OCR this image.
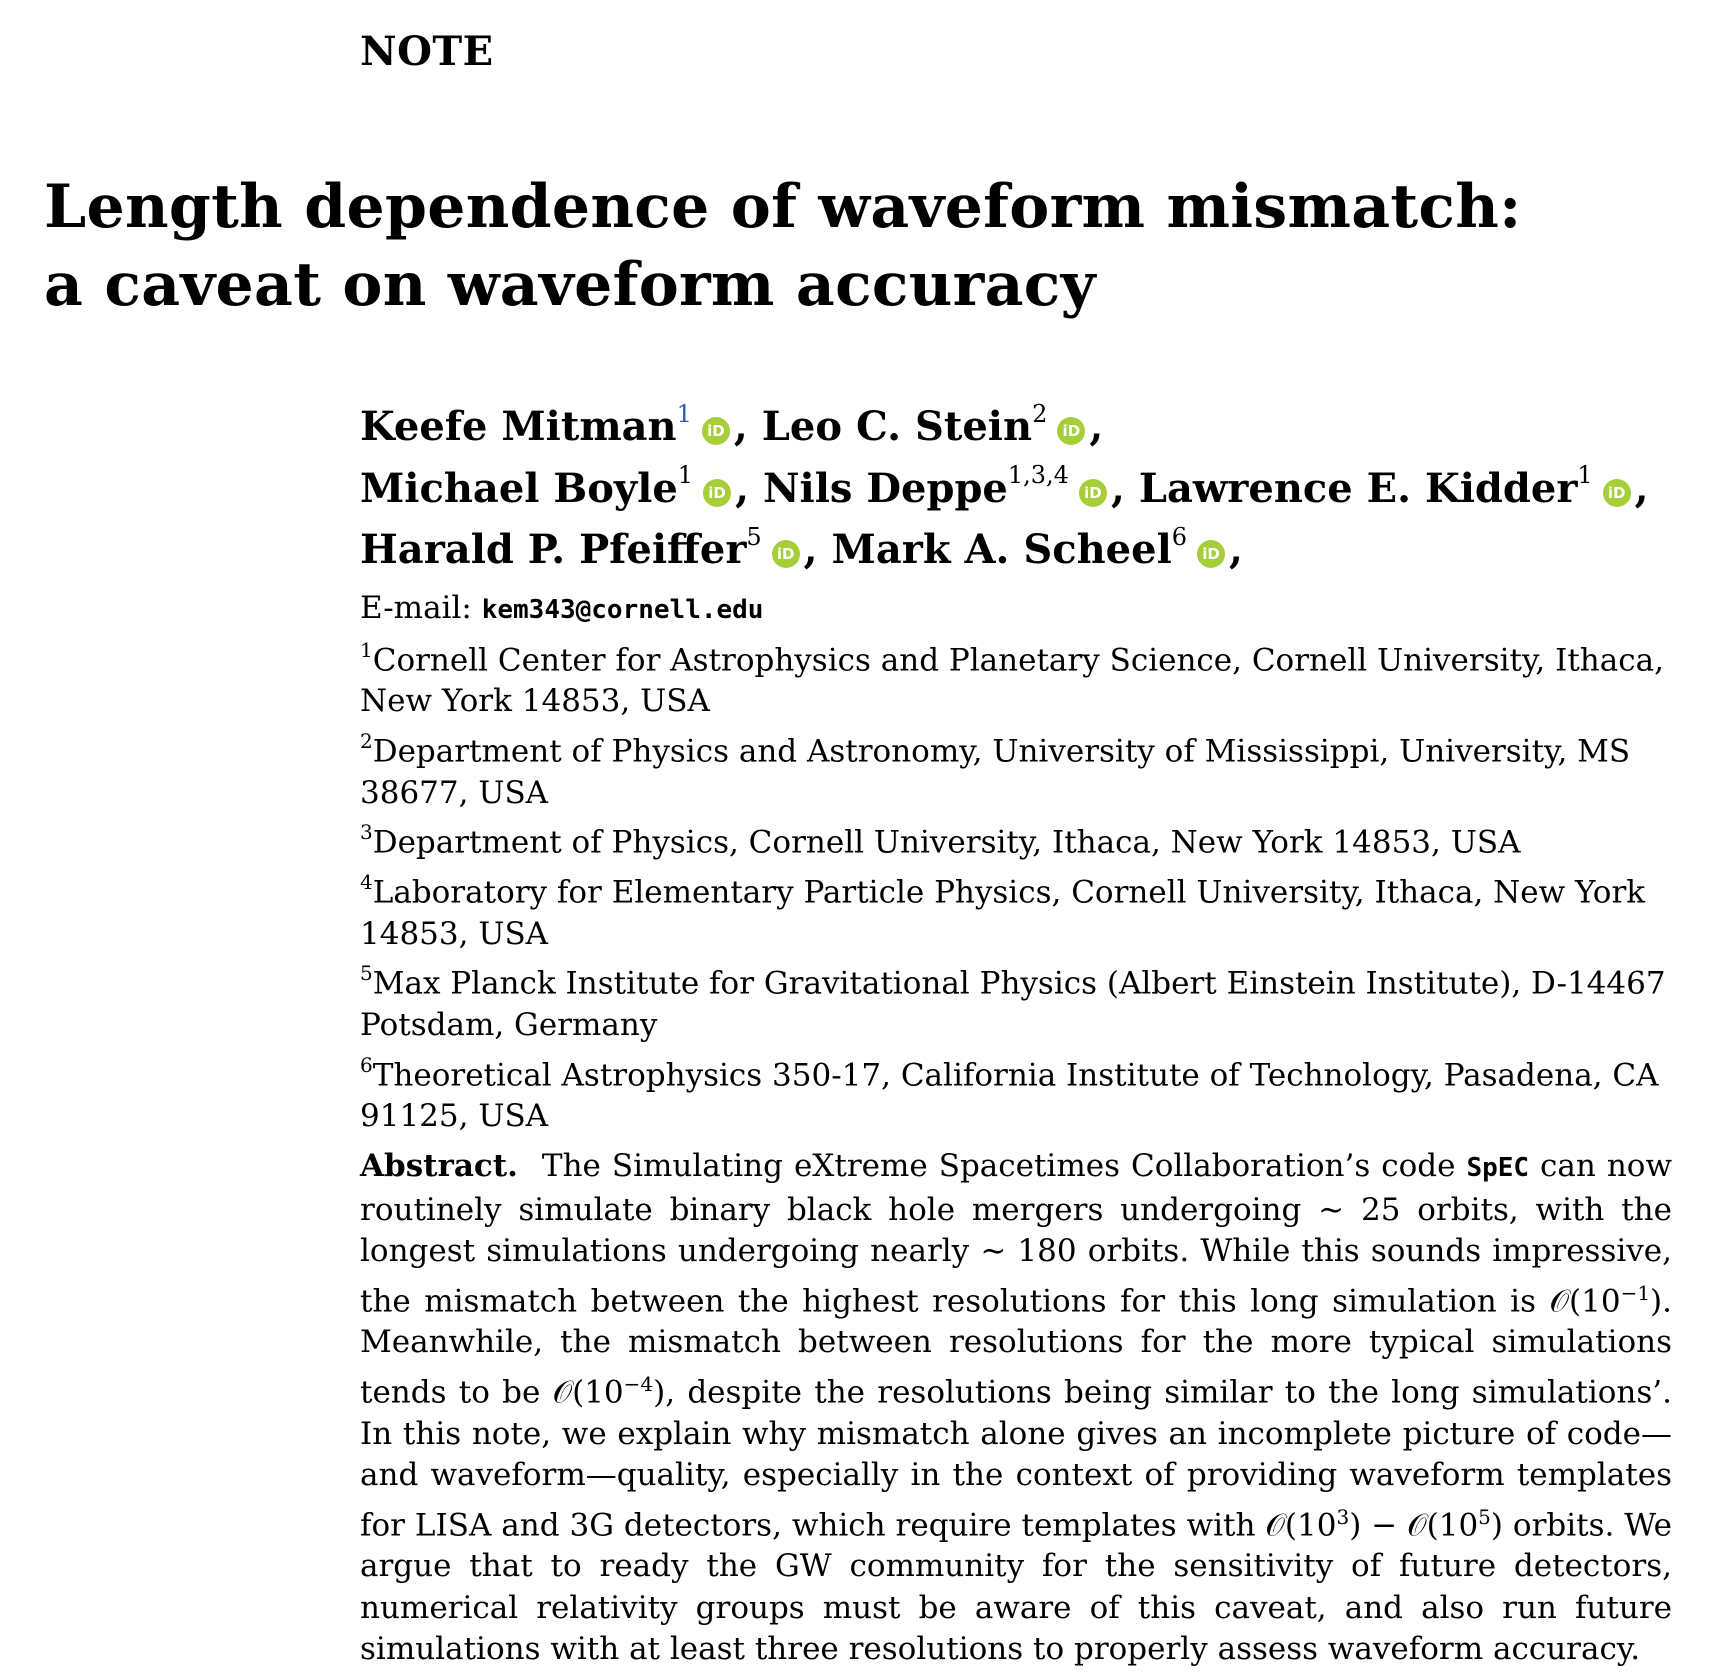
NOTE
Length dependence of waveform mismatch:
a caveat on waveform accuracy
Keefe Mitman$^1$iD , Leo C. Stein$^2$iD ,
Michael Boyle$^1$iD , Nils Deppe$^{1,3,4}$iD , Lawrence E. Kidder$^1$iD ,
Harald P. Pfeiffer$^5$iD , Mark A. Scheel$^6$iD ,
E-mail: kem343@cornell.edu
$^1$Cornell Center for Astrophysics and Planetary Science, Cornell University, Ithaca, New York 14853, USA
$^2$Department of Physics and Astronomy, University of Mississippi, University, MS 38677, USA
$^3$Department of Physics, Cornell University, Ithaca, New York 14853, USA
$^4$Laboratory for Elementary Particle Physics, Cornell University, Ithaca, New York 14853, USA
$^5$Max Planck Institute for Gravitational Physics (Albert Einstein Institute), D-14467 Potsdam, Germany
$^6$Theoretical Astrophysics 350-17, California Institute of Technology, Pasadena, CA 91125, USA
Abstract. The Simulating eXtreme Spacetimes Collaboration’s code SpEC can now routinely simulate binary black hole mergers undergoing ∼ 25 orbits, with the longest simulations undergoing nearly ∼ 180 orbits. While this sounds impressive, the mismatch between the highest resolutions for this long simulation is $𝒪(10^{-1})$. Meanwhile, the mismatch between resolutions for the more typical simulations tends to be $𝒪(10^{-4})$, despite the resolutions being similar to the long simulations’. In this note, we explain why mismatch alone gives an incomplete picture of code—and waveform—quality, especially in the context of providing waveform templates for LISA and 3G detectors, which require templates with $𝒪(10^3)$ − $𝒪(10^5)$ orbits. We argue that to ready the GW community for the sensitivity of future detectors, numerical relativity groups must be aware of this caveat, and also run future simulations with at least three resolutions to properly assess waveform accuracy.
